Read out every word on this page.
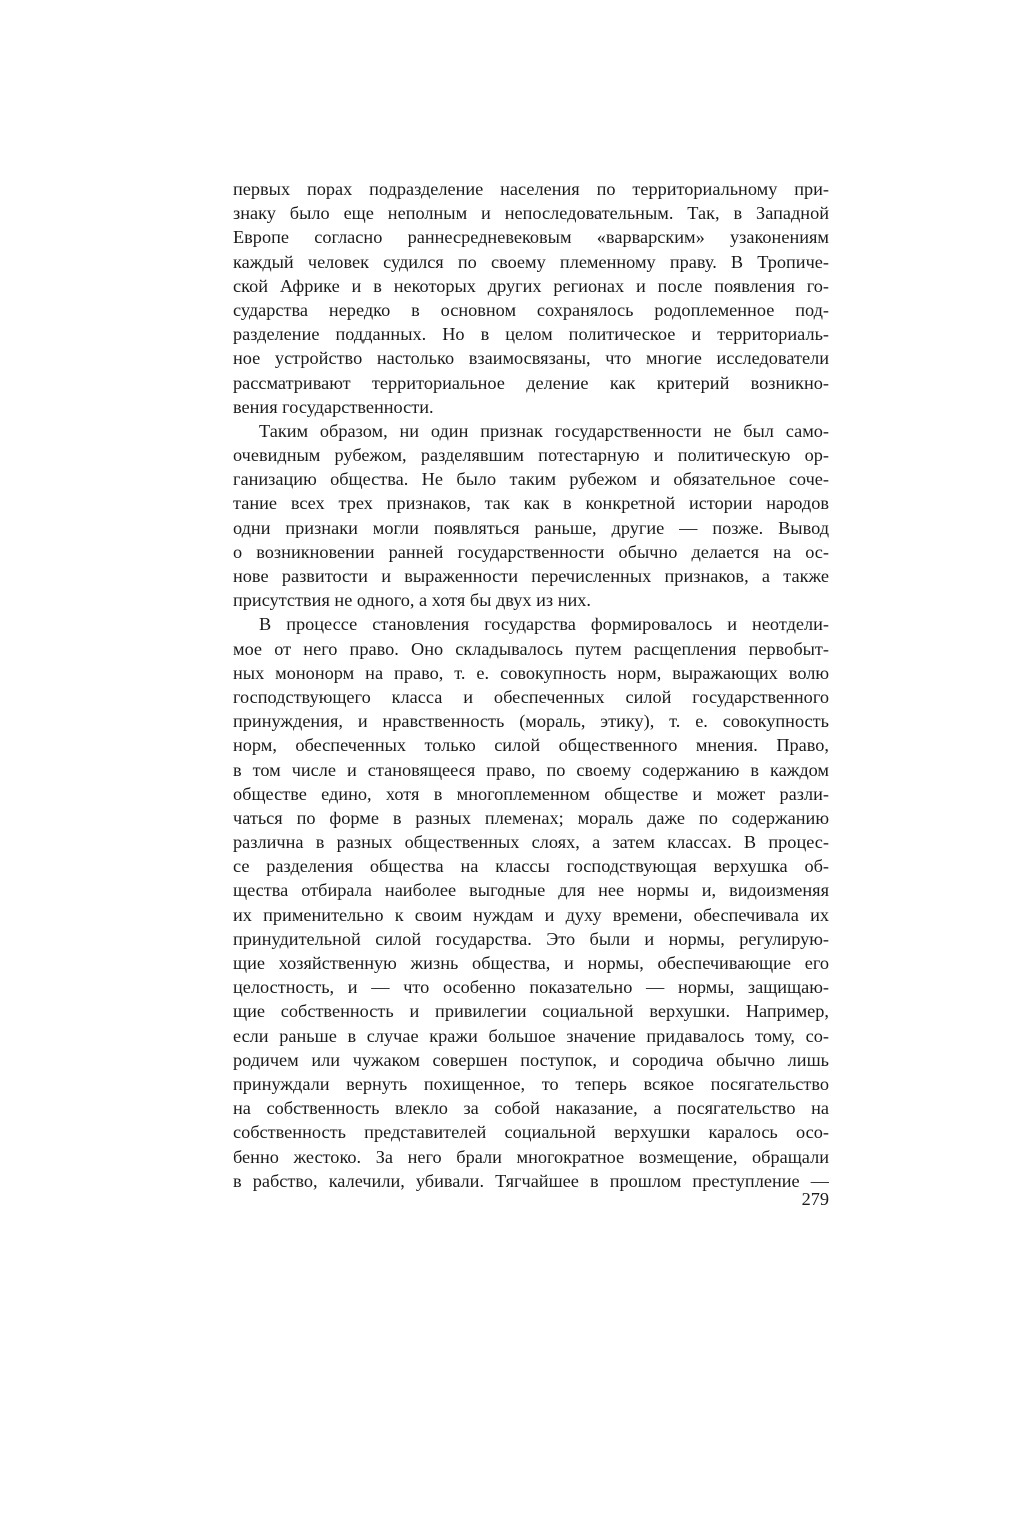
первых порах подразделение населения по территориальному при-
знаку было еще неполным и непоследовательным. Так, в Западной
Европе согласно раннесредневековым «варварским» узаконениям
каждый человек судился по своему племенному праву. В Тропиче-
ской Африке и в некоторых других регионах и после появления го-
сударства нередко в основном сохранялось родоплеменное под-
разделение подданных. Но в целом политическое и территориаль-
ное устройство настолько взаимосвязаны, что многие исследователи
рассматривают территориальное деление как критерий возникно-
вения государственности.
Таким образом, ни один признак государственности не был само-
очевидным рубежом, разделявшим потестарную и политическую ор-
ганизацию общества. Не было таким рубежом и обязательное соче-
тание всех трех признаков, так как в конкретной истории народов
одни признаки могли появляться раньше, другие — позже. Вывод
о возникновении ранней государственности обычно делается на ос-
нове развитости и выраженности перечисленных признаков, а также
присутствия не одного, а хотя бы двух из них.
В процессе становления государства формировалось и неотдели-
мое от него право. Оно складывалось путем расщепления первобыт-
ных мононорм на право, т. е. совокупность норм, выражающих волю
господствующего класса и обеспеченных силой государственного
принуждения, и нравственность (мораль, этику), т. е. совокупность
норм, обеспеченных только силой общественного мнения. Право,
в том числе и становящееся право, по своему содержанию в каждом
обществе едино, хотя в многоплеменном обществе и может разли-
чаться по форме в разных племенах; мораль даже по содержанию
различна в разных общественных слоях, а затем классах. В процес-
се разделения общества на классы господствующая верхушка об-
щества отбирала наиболее выгодные для нее нормы и, видоизменяя
их применительно к своим нуждам и духу времени, обеспечивала их
принудительной силой государства. Это были и нормы, регулирую-
щие хозяйственную жизнь общества, и нормы, обеспечивающие его
целостность, и — что особенно показательно — нормы, защищаю-
щие собственность и привилегии социальной верхушки. Например,
если раньше в случае кражи большое значение придавалось тому, со-
родичем или чужаком совершен поступок, и сородича обычно лишь
принуждали вернуть похищенное, то теперь всякое посягательство
на собственность влекло за собой наказание, а посягательство на
собственность представителей социальной верхушки каралось осо-
бенно жестоко. За него брали многократное возмещение, обращали
в рабство, калечили, убивали. Тягчайшее в прошлом преступление —
279
